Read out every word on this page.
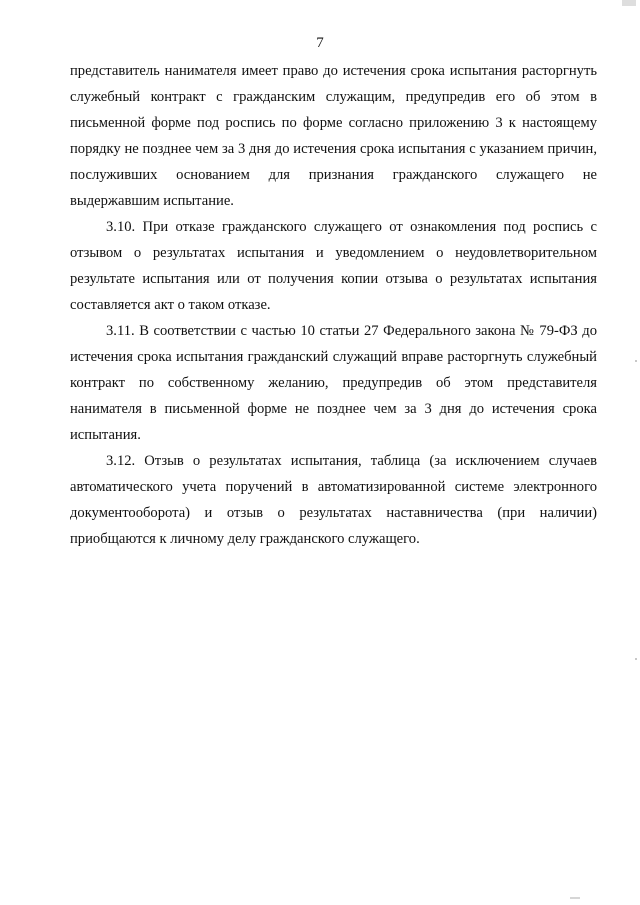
7

представитель нанимателя имеет право до истечения срока испытания расторгнуть служебный контракт с гражданским служащим, предупредив его об этом в письменной форме под роспись по форме согласно приложению 3 к настоящему порядку не позднее чем за 3 дня до истечения срока испытания с указанием причин, послуживших основанием для признания гражданского служащего не выдержавшим испытание.

3.10. При отказе гражданского служащего от ознакомления под роспись с отзывом о результатах испытания и уведомлением о неудовлетворительном результате испытания или от получения копии отзыва о результатах испытания составляется акт о таком отказе.

3.11. В соответствии с частью 10 статьи 27 Федерального закона № 79-ФЗ до истечения срока испытания гражданский служащий вправе расторгнуть служебный контракт по собственному желанию, предупредив об этом представителя нанимателя в письменной форме не позднее чем за 3 дня до истечения срока испытания.

3.12. Отзыв о результатах испытания, таблица (за исключением случаев автоматического учета поручений в автоматизированной системе электронного документооборота) и отзыв о результатах наставничества (при наличии) приобщаются к личному делу гражданского служащего.
